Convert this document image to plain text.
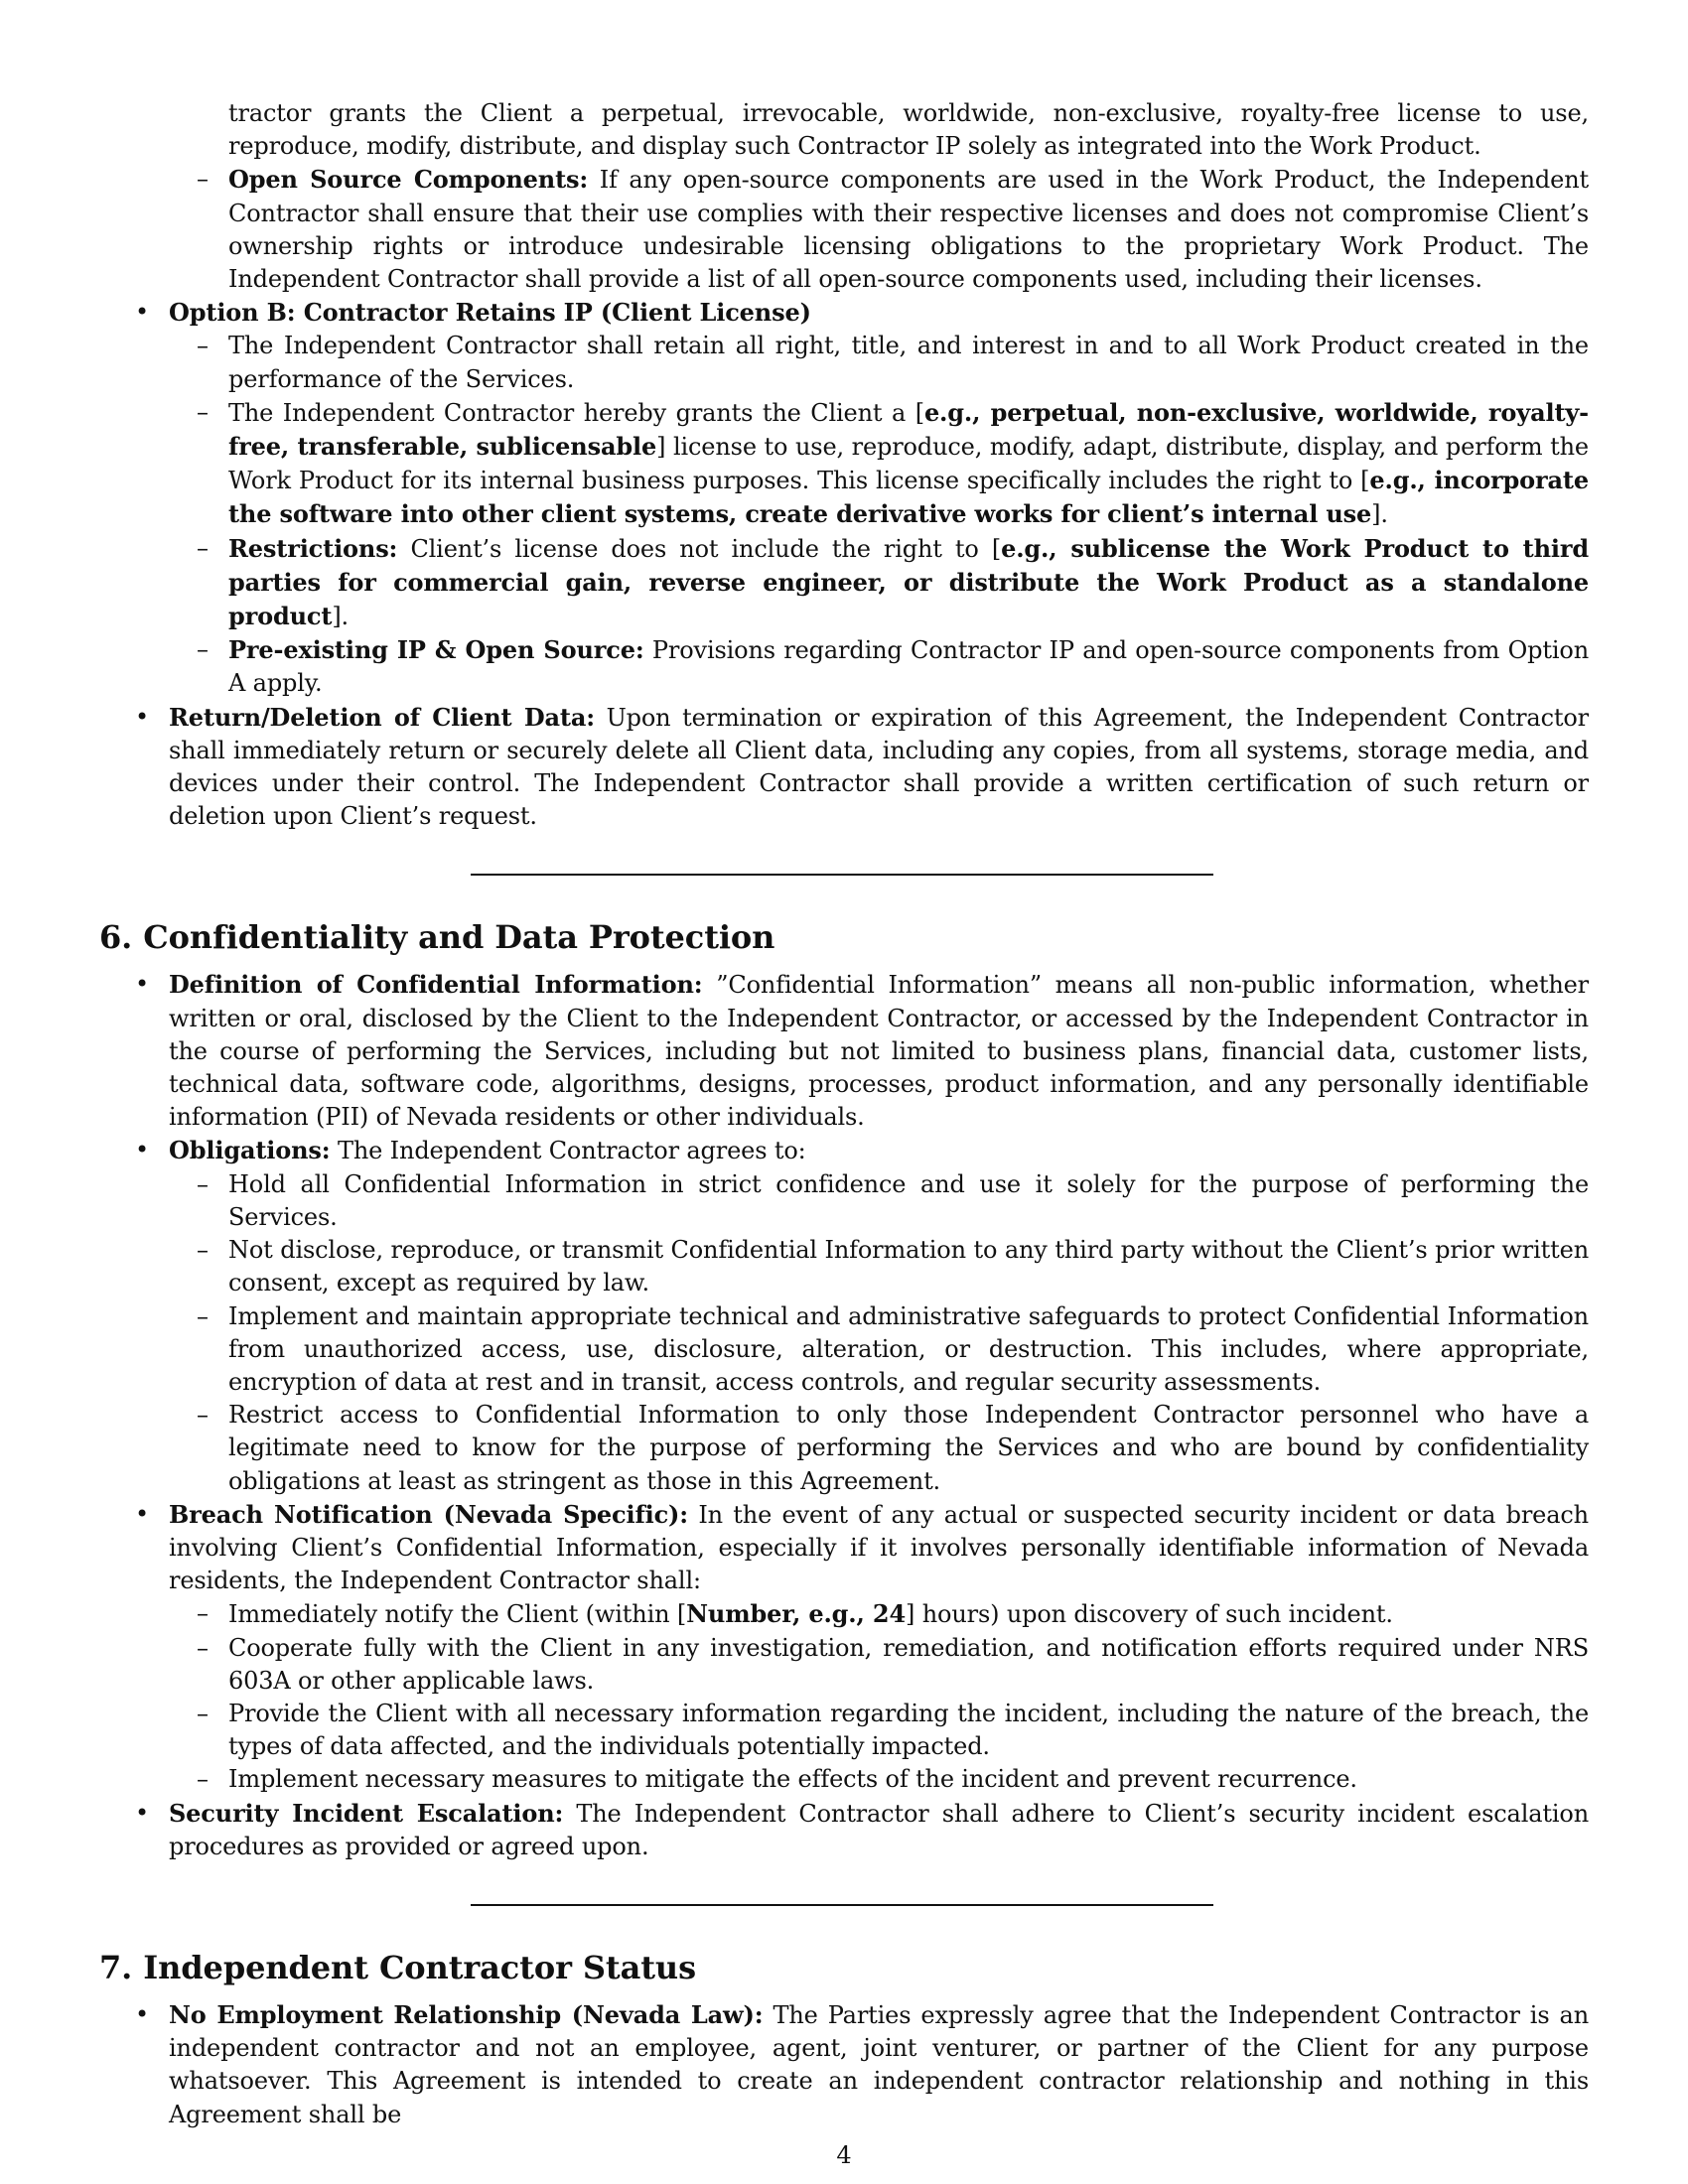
tractor grants the Client a perpetual, irrevocable, worldwide, non-exclusive, royalty-free license to use, reproduce, modify, distribute, and display such Contractor IP solely as integrated into the Work Product.

– Open Source Components: If any open-source components are used in the Work Product, the Independent Contractor shall ensure that their use complies with their respective licenses and does not compromise Client’s ownership rights or introduce undesirable licensing obligations to the proprietary Work Product. The Independent Contractor shall provide a list of all open-source components used, including their licenses.
• Option B: Contractor Retains IP (Client License)
– The Independent Contractor shall retain all right, title, and interest in and to all Work Product created in the performance of the Services.
– The Independent Contractor hereby grants the Client a [e.g., perpetual, non-exclusive, worldwide, royalty-free, transferable, sublicensable] license to use, reproduce, modify, adapt, distribute, display, and perform the Work Product for its internal business purposes. This license specifically includes the right to [e.g., incorporate the software into other client systems, create derivative works for client’s internal use].
– Restrictions: Client’s license does not include the right to [e.g., sublicense the Work Product to third parties for commercial gain, reverse engineer, or distribute the Work Product as a standalone product].
– Pre-existing IP & Open Source: Provisions regarding Contractor IP and open-source components from Option A apply.
• Return/Deletion of Client Data: Upon termination or expiration of this Agreement, the Independent Contractor shall immediately return or securely delete all Client data, including any copies, from all systems, storage media, and devices under their control. The Independent Contractor shall provide a written certification of such return or deletion upon Client’s request.
6. Confidentiality and Data Protection
• Definition of Confidential Information: ”Confidential Information” means all non-public information, whether written or oral, disclosed by the Client to the Independent Contractor, or accessed by the Independent Contractor in the course of performing the Services, including but not limited to business plans, financial data, customer lists, technical data, software code, algorithms, designs, processes, product information, and any personally identifiable information (PII) of Nevada residents or other individuals.
• Obligations: The Independent Contractor agrees to:
– Hold all Confidential Information in strict confidence and use it solely for the purpose of performing the Services.
– Not disclose, reproduce, or transmit Confidential Information to any third party without the Client’s prior written consent, except as required by law.
– Implement and maintain appropriate technical and administrative safeguards to protect Confidential Information from unauthorized access, use, disclosure, alteration, or destruction. This includes, where appropriate, encryption of data at rest and in transit, access controls, and regular security assessments.
– Restrict access to Confidential Information to only those Independent Contractor personnel who have a legitimate need to know for the purpose of performing the Services and who are bound by confidentiality obligations at least as stringent as those in this Agreement.
• Breach Notification (Nevada Specific): In the event of any actual or suspected security incident or data breach involving Client’s Confidential Information, especially if it involves personally identifiable information of Nevada residents, the Independent Contractor shall:
– Immediately notify the Client (within [Number, e.g., 24] hours) upon discovery of such incident.
– Cooperate fully with the Client in any investigation, remediation, and notification efforts required under NRS 603A or other applicable laws.
– Provide the Client with all necessary information regarding the incident, including the nature of the breach, the types of data affected, and the individuals potentially impacted.
– Implement necessary measures to mitigate the effects of the incident and prevent recurrence.
• Security Incident Escalation: The Independent Contractor shall adhere to Client’s security incident escalation procedures as provided or agreed upon.
7. Independent Contractor Status
• No Employment Relationship (Nevada Law): The Parties expressly agree that the Independent Contractor is an independent contractor and not an employee, agent, joint venturer, or partner of the Client for any purpose whatsoever. This Agreement is intended to create an independent contractor relationship and nothing in this Agreement shall be
4
